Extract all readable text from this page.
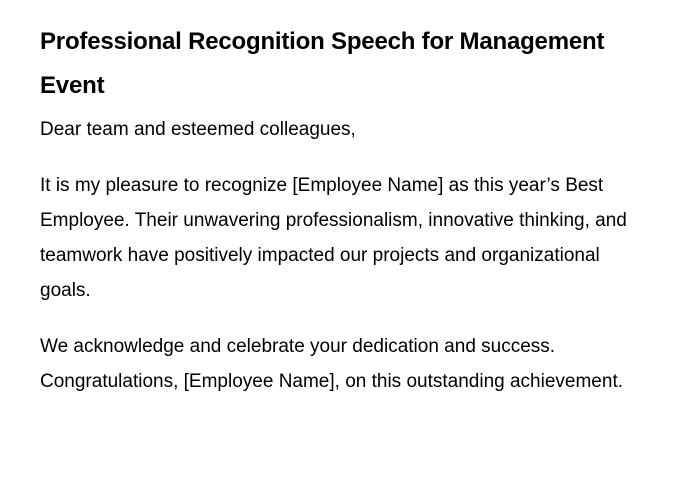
Professional Recognition Speech for Management Event

Dear team and esteemed colleagues,

It is my pleasure to recognize [Employee Name] as this year’s Best Employee. Their unwavering professionalism, innovative thinking, and teamwork have positively impacted our projects and organizational goals.

We acknowledge and celebrate your dedication and success. Congratulations, [Employee Name], on this outstanding achievement.
